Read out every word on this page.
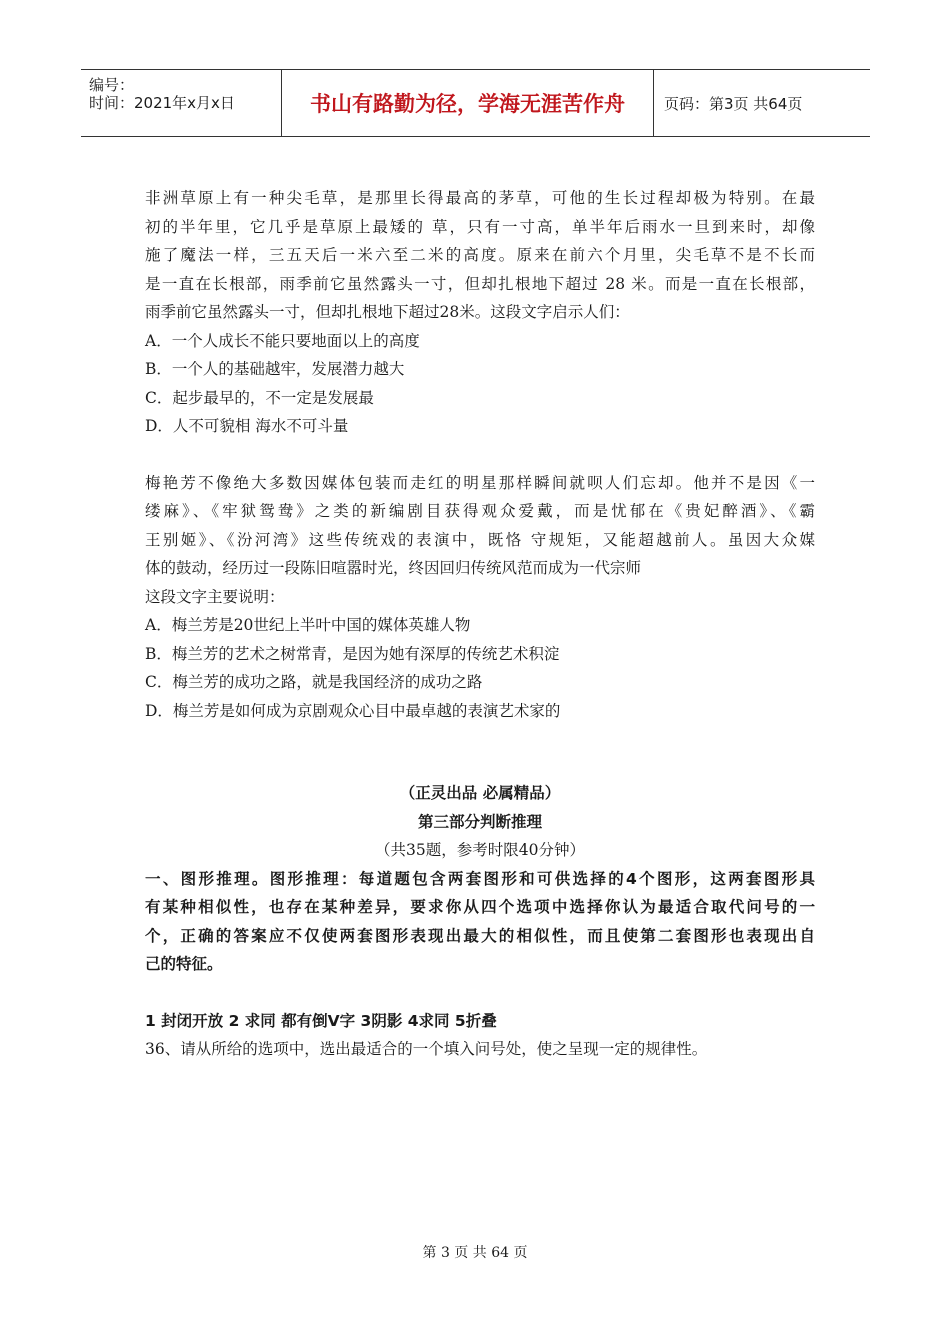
编号：
时间：2021年x月x日	书山有路勤为径，学海无涯苦作舟	页码：第3页 共64页

非洲草原上有一种尖毛草，是那里长得最高的茅草，可他的生长过程却极为特别。在最

初的半年里，它几乎是草原上最矮的 草，只有一寸高，单半年后雨水一旦到来时，却像

施了魔法一样，三五天后一米六至二米的高度。原来在前六个月里，尖毛草不是不长而

是一直在长根部，雨季前它虽然露头一寸，但却扎根地下超过 28 米。而是一直在长根部，

雨季前它虽然露头一寸，但却扎根地下超过28米。这段文字启示人们：

A．一个人成长不能只要地面以上的高度

B．一个人的基础越牢，发展潜力越大

C．起步最早的，不一定是发展最

D．人不可貌相 海水不可斗量

梅艳芳不像绝大多数因媒体包装而走红的明星那样瞬间就呗人们忘却。他并不是因《一

缕麻》、《牢狱鸳鸯》之类的新编剧目获得观众爱戴，而是忧郁在《贵妃醉酒》、《霸

王别姬》、《汾河湾》这些传统戏的表演中，既恪 守规矩，又能超越前人。虽因大众媒

体的鼓动，经历过一段陈旧喧嚣时光，终因回归传统风范而成为一代宗师

这段文字主要说明：

A．梅兰芳是20世纪上半叶中国的媒体英雄人物

B．梅兰芳的艺术之树常青，是因为她有深厚的传统艺术积淀

C．梅兰芳的成功之路，就是我国经济的成功之路

D．梅兰芳是如何成为京剧观众心目中最卓越的表演艺术家的

（正灵出品 必属精品）

第三部分判断推理

（共35题，参考时限40分钟）

一、图形推理。图形推理：每道题包含两套图形和可供选择的4个图形，这两套图形具

有某种相似性，也存在某种差异，要求你从四个选项中选择你认为最适合取代问号的一

个，正确的答案应不仅使两套图形表现出最大的相似性，而且使第二套图形也表现出自

己的特征。

1 封闭开放 2 求同 都有倒V字 3阴影 4求同 5折叠

36、请从所给的选项中，选出最适合的一个填入问号处，使之呈现一定的规律性。

第 3 页 共 64 页
